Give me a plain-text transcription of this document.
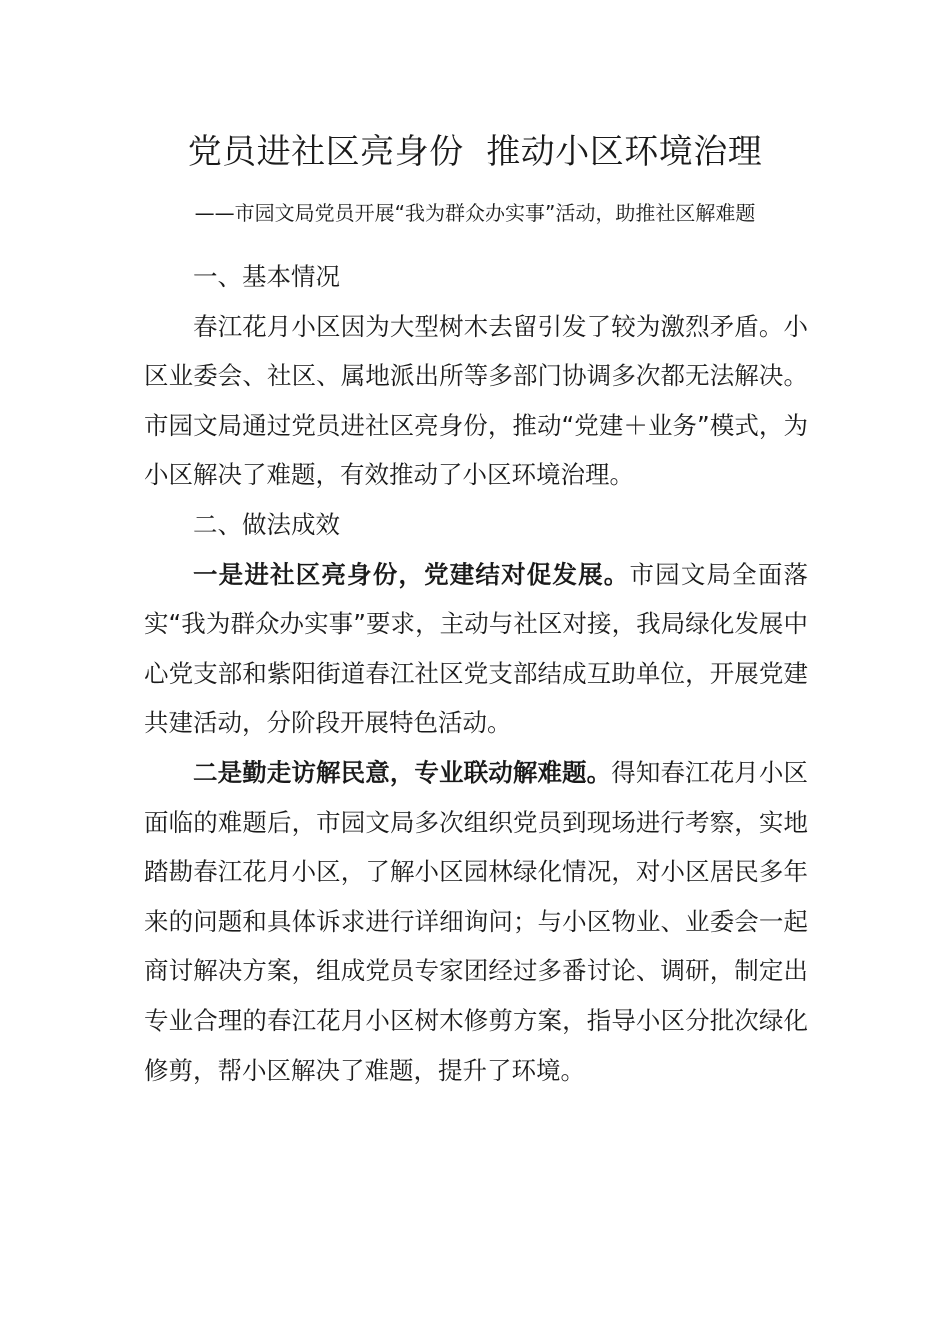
党员进社区亮身份  推动小区环境治理
——市园文局党员开展“我为群众办实事”活动，助推社区解难题

一、基本情况

春江花月小区因为大型树木去留引发了较为激烈矛盾。小区业委会、社区、属地派出所等多部门协调多次都无法解决。市园文局通过党员进社区亮身份，推动“党建＋业务”模式，为小区解决了难题，有效推动了小区环境治理。

二、做法成效

一是进社区亮身份，党建结对促发展。市园文局全面落实“我为群众办实事”要求，主动与社区对接，我局绿化发展中心党支部和紫阳街道春江社区党支部结成互助单位，开展党建共建活动，分阶段开展特色活动。

二是勤走访解民意，专业联动解难题。得知春江花月小区面临的难题后，市园文局多次组织党员到现场进行考察，实地踏勘春江花月小区，了解小区园林绿化情况，对小区居民多年来的问题和具体诉求进行详细询问；与小区物业、业委会一起商讨解决方案，组成党员专家团经过多番讨论、调研，制定出专业合理的春江花月小区树木修剪方案，指导小区分批次绿化修剪，帮小区解决了难题，提升了环境。
